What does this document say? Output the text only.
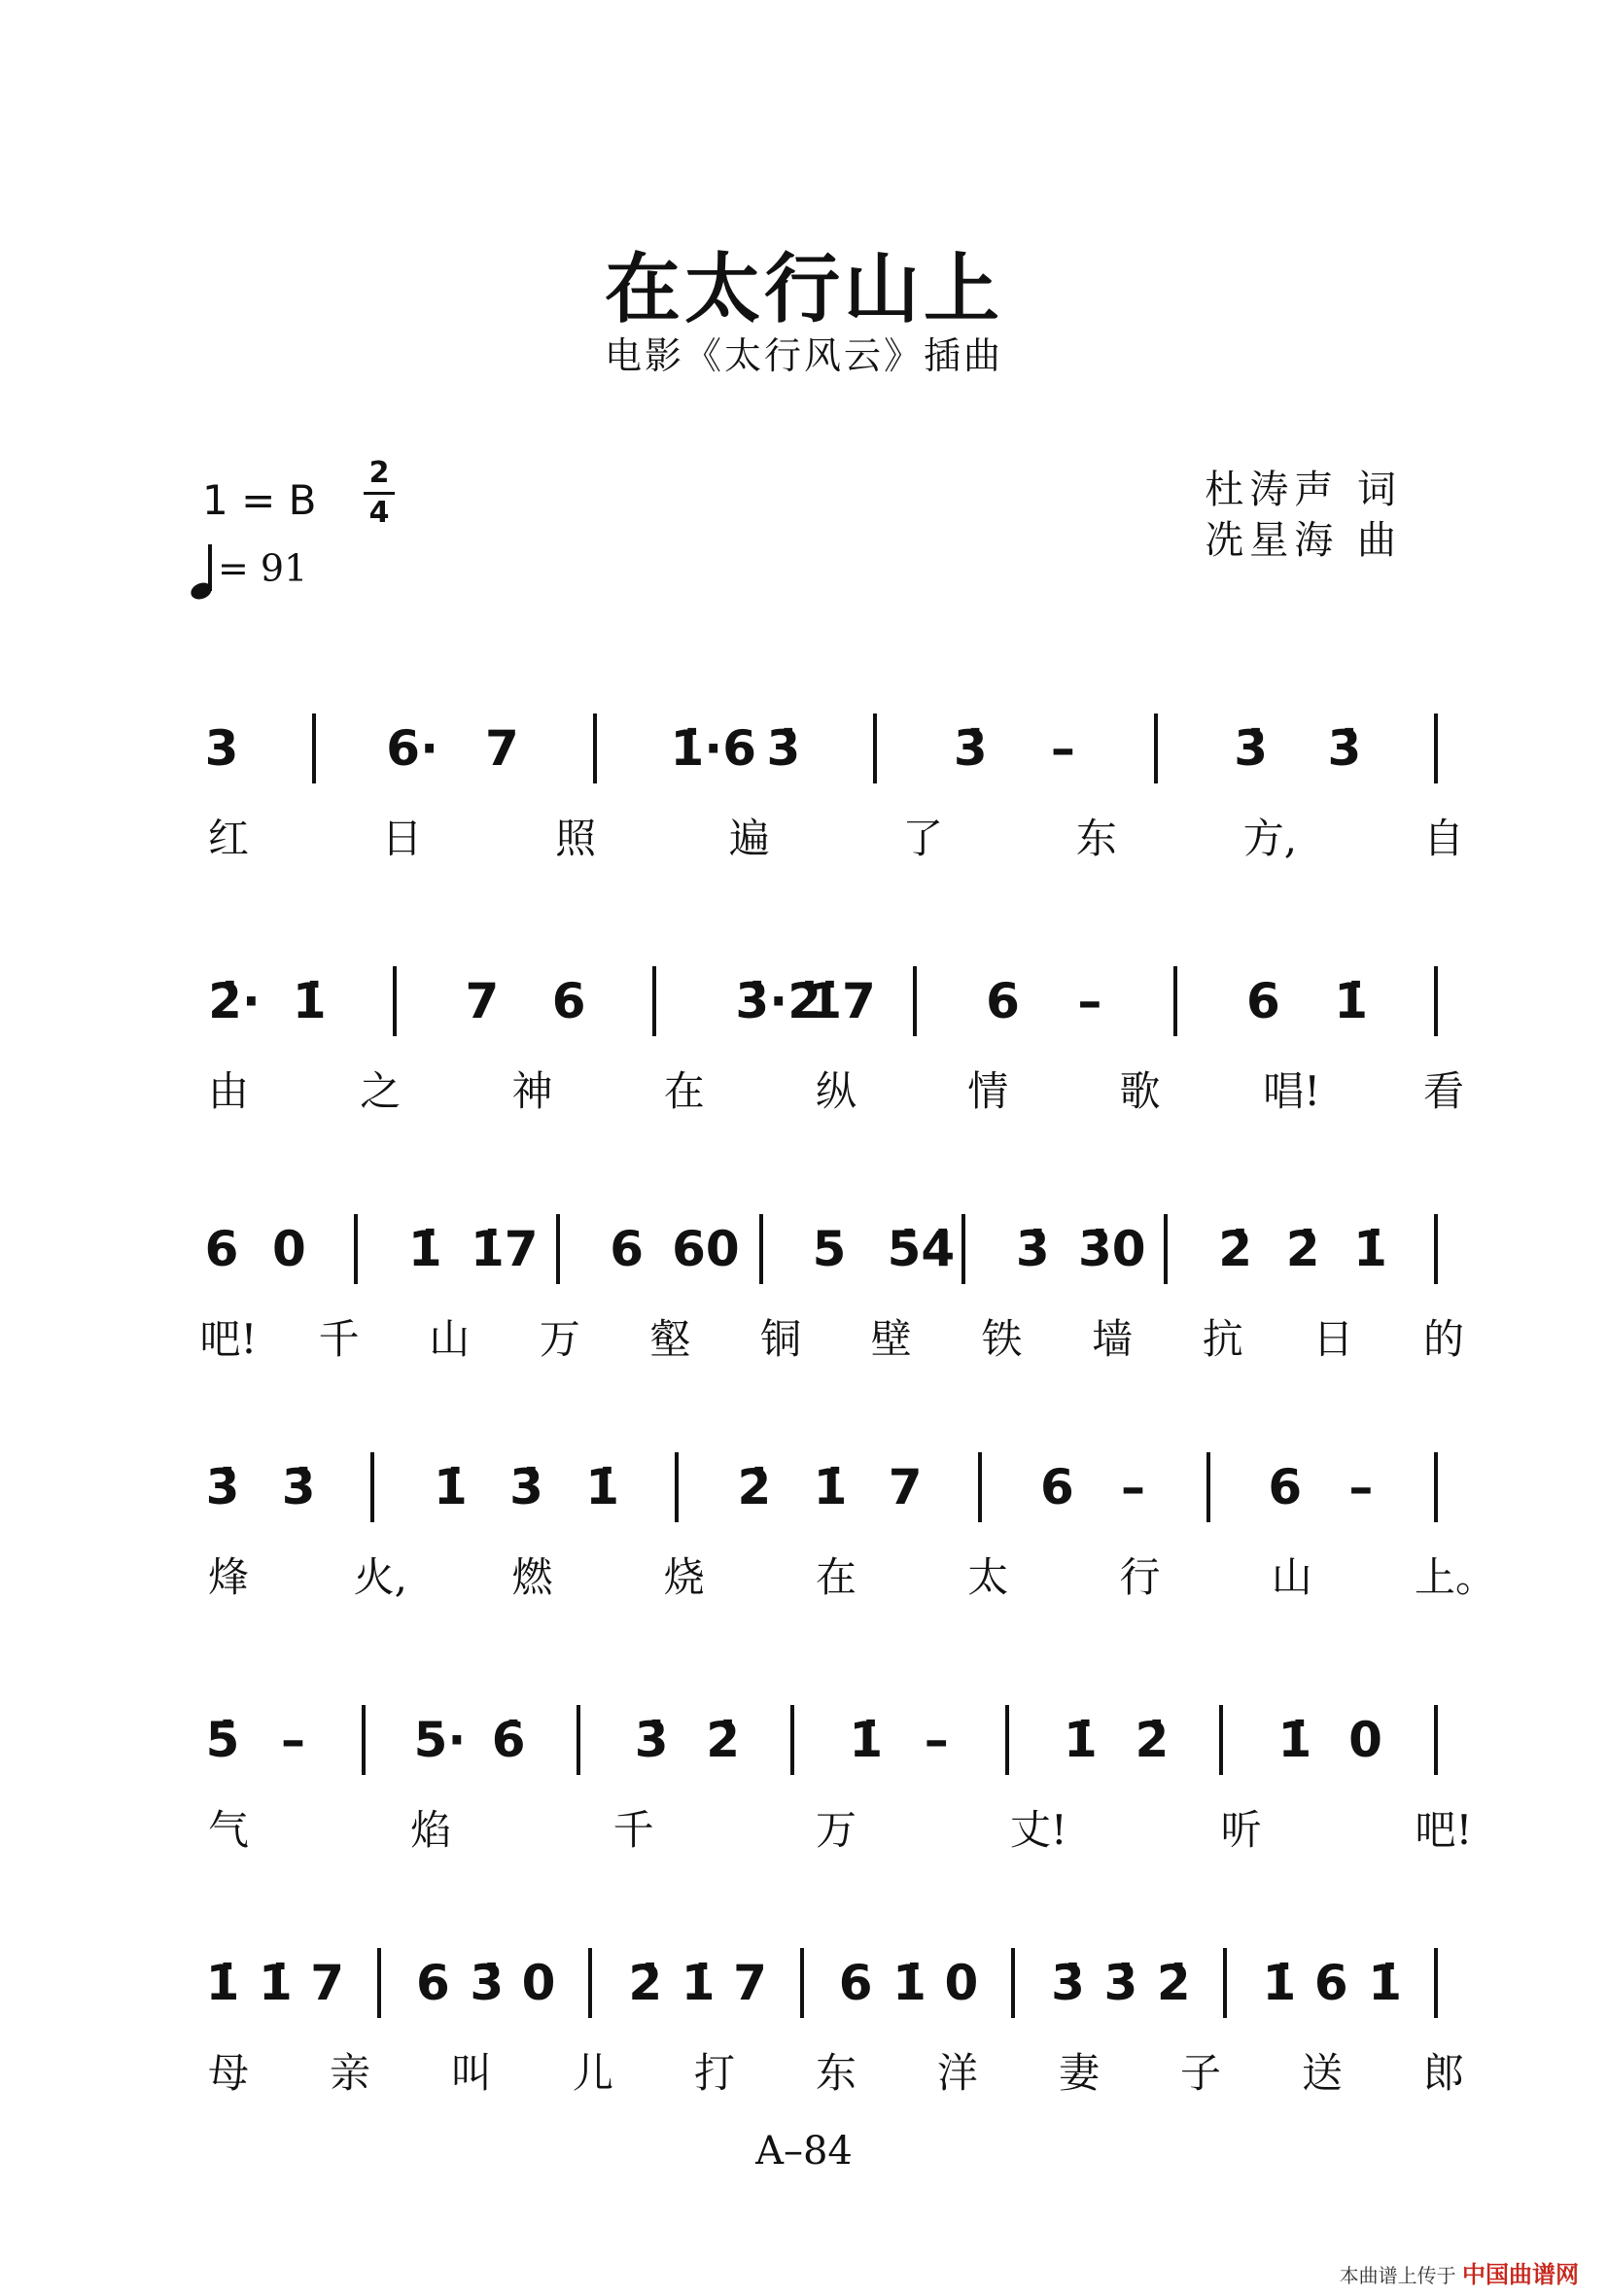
在太行山上
电影《太行风云》插曲
1 = B
2
4
= 91
杜涛声 词
冼星海 曲
3	6· 7	1̇·6 3̇	3̇ –	3̇ 3̇
红	日	照	遍	了	东	方,	自
2̇· 1̇	7 6	3̇·2̇
1̇7 6 –	6 1̇
由	之	神	在	纵	情	歌	唱!	看
6 0 1̇ 1̇7 6 60 5 5̇4̇ 3̇ 3̇0 2̇ 2̇ 1̇
吧! 千 山 万 壑 铜 壁 铁 墙 抗 日 的
3̇ 3̇ 1̇ 3̇ 1̇ 2̇ 1̇ 7 6 –	6 –
烽	火,	燃	烧	在	太	行	山	上。
5̇ – 5· 6̇ 3̇ 2̇ 1̇ – 1̇ 2̇ 1̇ 0
气	焰	千	万	丈!	听	吧!
1̇ 1̇ 7 6 3̇ 0 2̇ 1̇ 7 6 1̇ 0 3̇ 3̇ 2̇ 1̇ 6 1̇
母 亲 叫 儿 打 东 洋 妻 子 送 郎
A–84
本曲谱上传于 中国曲谱网
